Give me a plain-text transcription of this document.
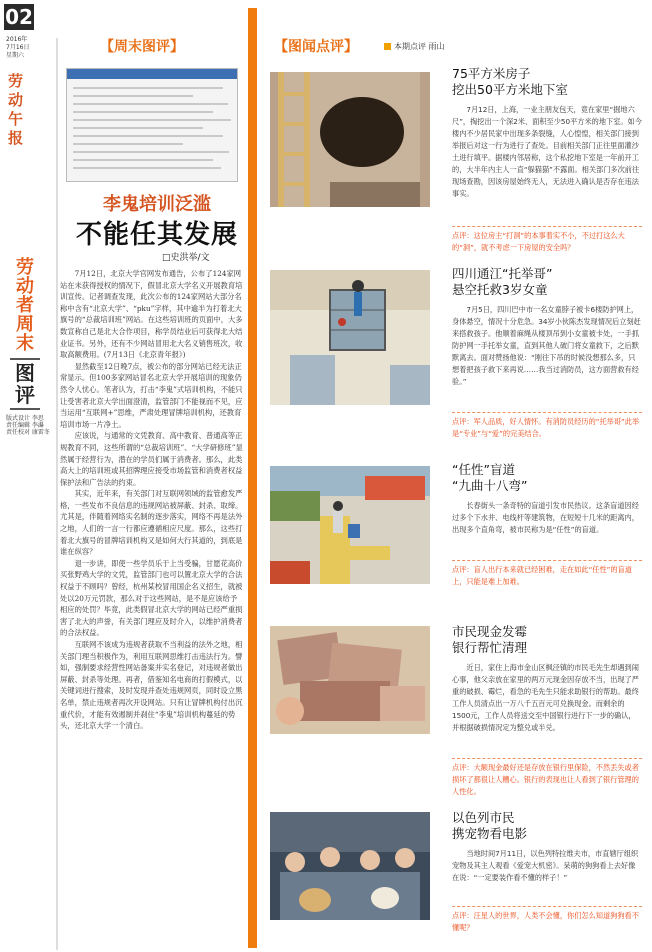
02
2016年
7月16日
星期六
劳动午报
劳动者周末
图评
版式设计 李思
责任编辑 李瀑
责任校对 康雷冬
【周末图评】
李鬼培训泛滥
不能任其发展
□史洪举/文

7月12日，北京大学官网发布通告，公布了124家网站在未获得授权的情况下，假冒北京大学名义开展教育培训宣传。记者调查发现，此次公布的124家网站大部分名称中含有“北京大学”、“pku”字样，其中逾半为打着北大旗号的“总裁培训班”网站。在这些培训班的页面中，大多数宣称自己是北大合作项目，称学员结业后可获得北大结业证书。另外，还有不少网站冒用北大名义销售班次，收取高额费用。(7月13日《北京青年报》)

显然截至12日晚7点，被公布的部分网站已经无法正常显示。但100多家网站冒名北京大学开展培训的现象仍然令人忧心。笔者认为，打击“李鬼”式培训机构，不能只让受害者北京大学出面澄清，监管部门不能视而不见，应当运用“互联网+”思维，严肃处理冒牌培训机构，还教育培训市场一片净土。

应该说，与通常的文凭教育、高中教育、普通高等正规教育不同，这些所谓的“总裁培训班”、“大学研修班”显然属于经营行为，潜在的学员们属于消费者。那么，此类高大上的培训班或其招牌理应接受市场监管和消费者权益保护法和广告法的约束。

其实，近年来，有关部门对互联网领域的监管愈发严格，一些发布不良信息的违规网站被屏蔽、封杀、取缔。尤其是，伴随着网络实名制的逐步落实，网络不再是法外之地，人们的一言一行都应遵循相应尺度。那么，这些打着北大旗号的冒牌培训机构又是如何大行其道的，到底是谁在纵容？

退一步讲，即使一些学员乐于上当受骗，甘愿花高价买张野鸡大学的文凭，监管部门也可以置北京大学的合法权益于不顾吗？曾经，杭州某校冒用国企名义招生，就被处以20万元罚款，那么对于这些网站，是不是应该给予相应的处罚？毕竟，此类假冒北京大学的网站已经严重损害了北大的声誉，有关部门理应及时介入，以维护消费者的合法权益。

互联网不该成为违规者获取不当利益的法外之地，相关部门理当积极作为，利用互联网思维打击违法行为。譬如，强制要求经营性网站备案并实名登记，对违规者做出屏蔽、封杀等处理。再者，借鉴知名电商的打假模式，以关键词进行搜索，及时发现并查处违规网页，同时设立黑名单，禁止违规者再次开设网站。只有让冒牌机构付出沉重代价，才能有效遏制并刹住“李鬼”培训机构蔓延的势头，还北京大学一个清白。

【图闻点评】	本期点评 雨山
75平方米房子
挖出50平方米地下室
7月12日，上海，一业主朋友包天，竟在家里“掘地六尺”，掏挖出一个深2米、面积至少50平方米的地下室。如今楼内不少居民家中出现多条裂缝，人心惶惶，相关部门接到举报后对这一行为进行了查处。目前相关部门正往里面灌沙土进行填平。据楼内邻居称，这个私挖地下室是一年前开工的，大半年内主人一直“躲猫猫”不露面。相关部门多次前往现场查勘，因该房屋始终无人，无法进入确认是否存在违法事实。
点评：这位房主“打洞”的本事着实不小，不过打这么大的“洞”，就不考虑一下房屋的安全吗？
四川通江“托举哥”
悬空托救3岁女童
7月5日，四川巴中市一名女童脖子被卡6楼防护网上，身体悬空，情况十分危急。34岁小伙陈杰发现情况后立刻赶来搭救孩子。他顺着麻绳从楼顶吊到小女童被卡处，一手抓防护网一手托举女童，直到其他人破门将女童救下，之后默默离去。面对赞扬他说：“刚往下吊的时候没想那么多，只想着把孩子救下来再说……我当过消防员，这方面营救有经验。”
点评：军人品质，好人情怀。有消防员经历的“托举哥”此举是“专业”与“爱”的完美结合。
“任性”盲道
“九曲十八弯”
长春街头一条奇特的盲道引发市民热议。这条盲道因经过多个下水井、电线杆等建筑物，在短短十几米的距离内，出现多个直角弯，被市民称为是“任性”的盲道。
点评：盲人出行本来就已经困难，走在如此“任性”的盲道上，只能是难上加难。
市民现金发霉
银行帮忙清理
近日，家住上海市金山区枫泾镇的市民毛先生却遇到闹心事，他父亲放在家里的两万元现金因存放不当，出现了严重的破损、霉烂，看急的毛先生只能求助银行的帮助。最终工作人员清点出一万八千五百元可兑换现金。而剩余的1500元，工作人员将送交至中国银行进行下一步的确认，并根据破损情况定为整兑或半兑。
点评：大额现金最好还是存放在银行里保险，不然丢失或者损坏了都很让人糟心。银行的表现也让人看到了银行管理的人性化。
以色列市民
携宠物看电影
当地时间7月11日，以色列特拉维夫市，市直辖厅组织宠物及其主人观看《爱宠大机密》。呆萌的狗狗看上去好像在说：“一定要装作看不懂的样子！”
点评：汪星人的世界，人类不会懂，你们怎么知道狗狗看不懂呢？
